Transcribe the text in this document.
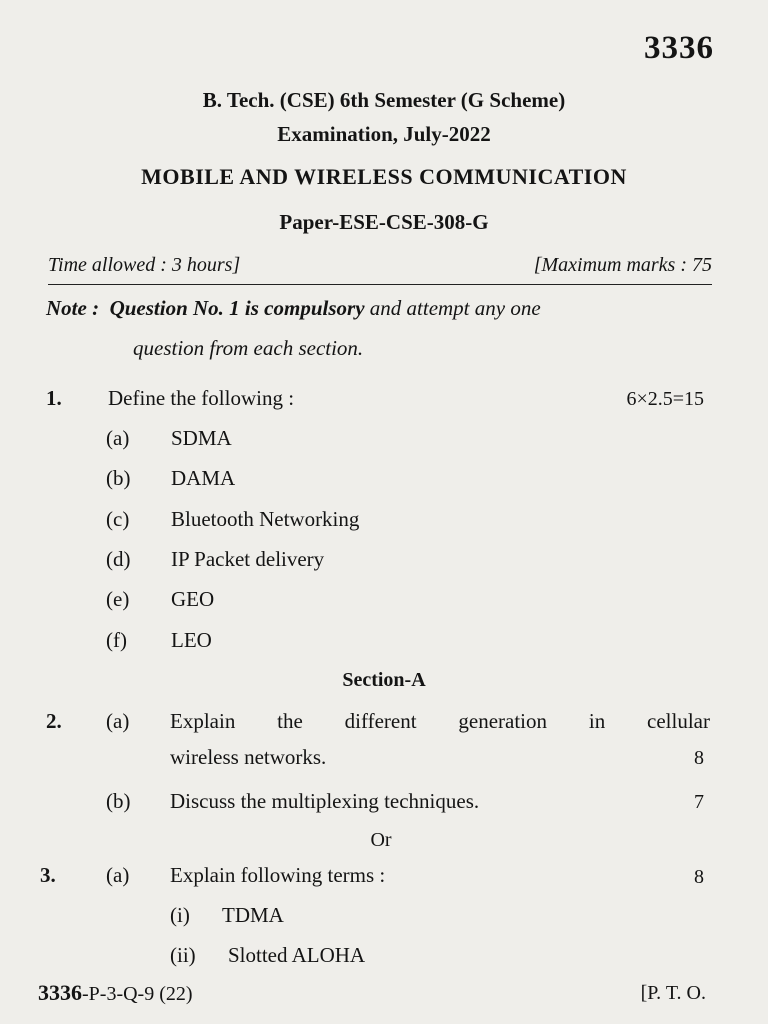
3336
B. Tech. (CSE) 6th Semester (G Scheme)
Examination, July-2022
MOBILE AND WIRELESS COMMUNICATION
Paper-ESE-CSE-308-G
Time allowed : 3 hours]	[Maximum marks : 75
Note : Question No. 1 is compulsory and attempt any one
question from each section.
1. Define the following :	6×2.5=15
(a) SDMA
(b) DAMA
(c) Bluetooth Networking
(d) IP Packet delivery
(e) GEO
(f) LEO
Section-A
2. (a) Explain the different generation in cellular
wireless networks.	8
(b) Discuss the multiplexing techniques.	7
Or
3. (a) Explain following terms :	8
(i) TDMA
(ii) Slotted ALOHA
3336-P-3-Q-9 (22)	[P. T. O.
